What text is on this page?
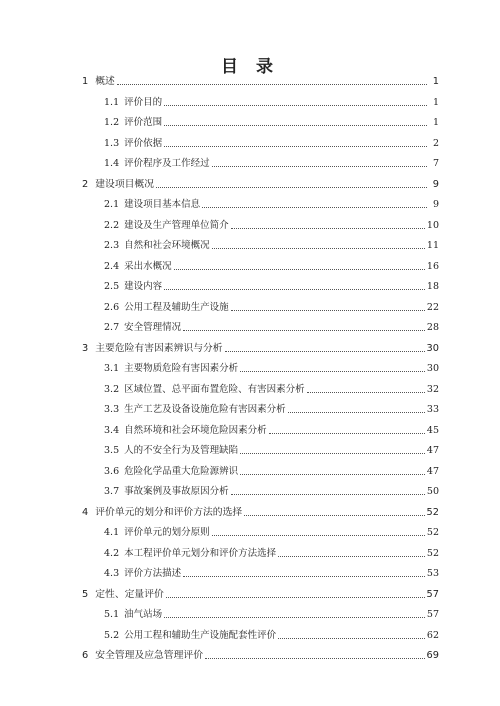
目 录
1 概述	1
1.1 评价目的	1
1.2 评价范围	1
1.3 评价依据	2
1.4 评价程序及工作经过	7
2 建设项目概况	9
2.1 建设项目基本信息	9
2.2 建设及生产管理单位简介	10
2.3 自然和社会环境概况	11
2.4 采出水概况	16
2.5 建设内容	18
2.6 公用工程及辅助生产设施	22
2.7 安全管理情况	28
3 主要危险有害因素辨识与分析	30
3.1 主要物质危险有害因素分析	30
3.2 区域位置、总平面布置危险、有害因素分析	32
3.3 生产工艺及设备设施危险有害因素分析	33
3.4 自然环境和社会环境危险因素分析	45
3.5 人的不安全行为及管理缺陷	47
3.6 危险化学品重大危险源辨识	47
3.7 事故案例及事故原因分析	50
4 评价单元的划分和评价方法的选择	52
4.1 评价单元的划分原则	52
4.2 本工程评价单元划分和评价方法选择	52
4.3 评价方法描述	53
5 定性、定量评价	57
5.1 油气站场	57
5.2 公用工程和辅助生产设施配套性评价	62
6 安全管理及应急管理评价	69
